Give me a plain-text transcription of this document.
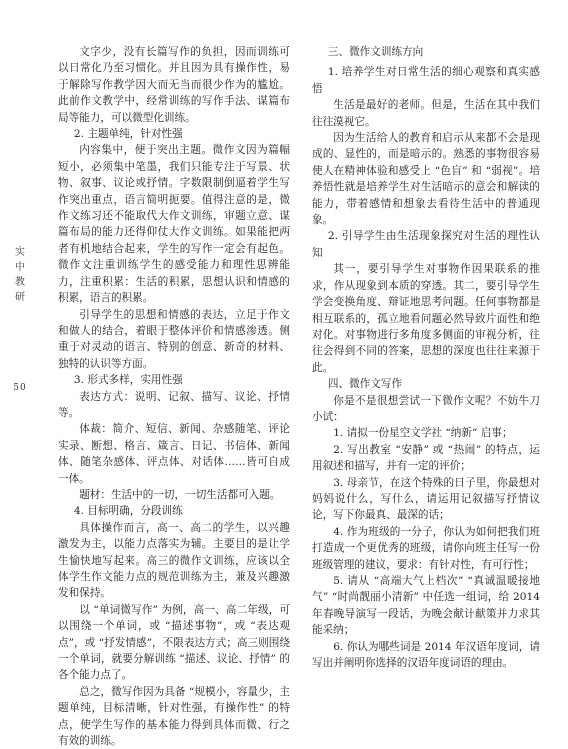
实
中
教
研
50

文字少，没有长篇写作的负担，因而训练可以日常化乃至习惯化。并且因为具有操作性，易于解除写作教学因大而无当而很少作为的尴尬。此前作文教学中，经常训练的写作手法、谋篇布局等能力，可以微型化训练。

2. 主题单纯，针对性强

内容集中，便于突出主题。微作文因为篇幅短小，必须集中笔墨，我们只能专注于写景、状物、叙事、议论或抒情。字数限制倒逼着学生写作突出重点，语言简明扼要。值得注意的是，微作文练习还不能取代大作文训练，审题立意、谋篇布局的能力还得仰仗大作文训练。如果能把两者有机地结合起来，学生的写作一定会有起色。微作文注重训练学生的感受能力和理性思辨能力，注重积累：生活的积累，思想认识和情感的积累，语言的积累。

引导学生的思想和情感的表达，立足于作文和做人的结合，着眼于整体评价和情感渗透。侧重于对灵动的语言、特别的创意、新奇的材料、独特的认识等方面。

3. 形式多样，实用性强

表达方式：说明、记叙、描写、议论、抒情等。

体裁：简介、短信、新闻、杂感随笔、评论实录、断想、格言、箴言、日记、书信体、新闻体、随笔杂感体、评点体、对话体……皆可自成一体。

题材：生活中的一切，一切生活都可入题。

4. 目标明确，分段训练

具体操作而言，高一、高二的学生，以兴趣激发为主，以能力点落实为辅。主要目的是让学生愉快地写起来。高三的微作文训练，应该以全体学生作文能力点的规范训练为主，兼及兴趣激发和保持。

以 “单词微写作” 为例，高一、高二年级，可以围绕一个单词，或 “描述事物”，或 “表达观点”，或 “抒发情感”，不限表达方式；高三则围绕一个单词，就要分解训练 “描述、议论、抒情” 的各个能力点了。

总之，微写作因为具备 “规模小，容量少，主题单纯，目标清晰，针对性强，有操作性” 的特点，使学生写作的基本能力得到具体而微、行之有效的训练。

三、微作文训练方向

1. 培养学生对日常生活的细心观察和真实感悟

生活是最好的老师。但是，生活在其中我们往往漠视它。

因为生活给人的教育和启示从来都不会是现成的、显性的，而是暗示的。熟悉的事物很容易使人在精神体验和感受上 “色盲” 和 “弱视”。培养悟性就是培养学生对生活暗示的意会和解读的能力，带着感情和想象去看待生活中的普通现象。

2. 引导学生由生活现象探究对生活的理性认知

其一，要引导学生对事物作因果联系的推求，作从现象到本质的穿透。其二，要引导学生学会变换角度、辩证地思考问题。任何事物都是相互联系的，孤立地看问题必然导致片面性和绝对化。对事物进行多角度多侧面的审视分析，往往会得到不同的答案，思想的深度也往往来源于此。

四、微作文写作

你是不是很想尝试一下微作文呢？不妨牛刀小试：

1. 请拟一份星空文学社 “纳新” 启事；

2. 写出教室 “安静” 或 “热闹” 的特点，运用叙述和描写，并有一定的评价；

3. 母亲节，在这个特殊的日子里，你最想对妈妈说什么，写什么，请运用记叙描写抒情议论，写下你最真、最深的话；

4. 作为班级的一分子，你认为如何把我们班打造成一个更优秀的班级，请你向班主任写一份班级管理的建议，要求：有针对性，有可行性；

5. 请从 “高端大气上档次” “真诚温暖接地气” “时尚靓丽小清新” 中任选一组词，给 2014 年春晚导演写一段话，为晚会献计献策并力求其能采纳；

6. 你认为哪些词是 2014 年汉语年度词，请写出并阐明你选择的汉语年度词语的理由。
